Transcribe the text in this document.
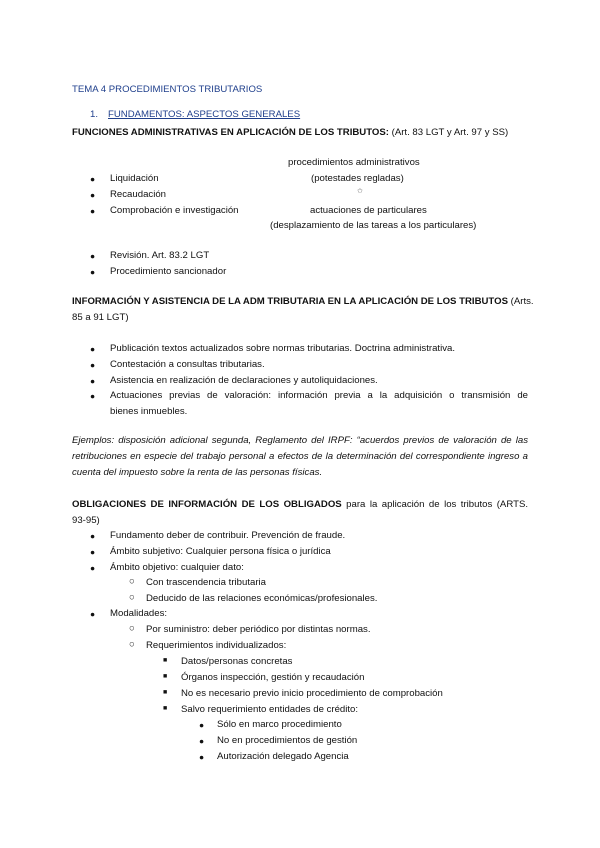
TEMA 4 PROCEDIMIENTOS TRIBUTARIOS
1. FUNDAMENTOS: ASPECTOS GENERALES
FUNCIONES ADMINISTRATIVAS EN APLICACIÓN DE LOS TRIBUTOS: (Art. 83 LGT y Art. 97 y SS)
procedimientos administrativos
(potestades regladas)
✩
actuaciones de particulares
(desplazamiento de las tareas a los particulares)
● Liquidación
● Recaudación
● Comprobación e investigación
● Revisión. Art. 83.2 LGT
● Procedimiento sancionador
INFORMACIÓN Y ASISTENCIA DE LA ADM TRIBUTARIA EN LA APLICACIÓN DE LOS TRIBUTOS (Arts.
85 a 91 LGT)
● Publicación textos actualizados sobre normas tributarias. Doctrina administrativa.
● Contestación a consultas tributarias.
● Asistencia en realización de declaraciones y autoliquidaciones.
● Actuaciones previas de valoración: información previa a la adquisición o transmisión de
bienes inmuebles.
Ejemplos: disposición adicional segunda, Reglamento del IRPF: “acuerdos previos de valoración de las retribuciones en especie del trabajo personal a efectos de la determinación del correspondiente ingreso a cuenta del impuesto sobre la renta de las personas físicas.
OBLIGACIONES DE INFORMACIÓN DE LOS OBLIGADOS para la aplicación de los tributos (ARTS.
93-95)
● Fundamento deber de contribuir. Prevención de fraude.
● Ámbito subjetivo: Cualquier persona física o jurídica
● Ámbito objetivo: cualquier dato:
○ Con trascendencia tributaria
○ Deducido de las relaciones económicas/profesionales.
● Modalidades:
○ Por suministro: deber periódico por distintas normas.
○ Requerimientos individualizados:
■ Datos/personas concretas
■ Órganos inspección, gestión y recaudación
■ No es necesario previo inicio procedimiento de comprobación
■ Salvo requerimiento entidades de crédito:
● Sólo en marco procedimiento
● No en procedimientos de gestión
● Autorización delegado Agencia
